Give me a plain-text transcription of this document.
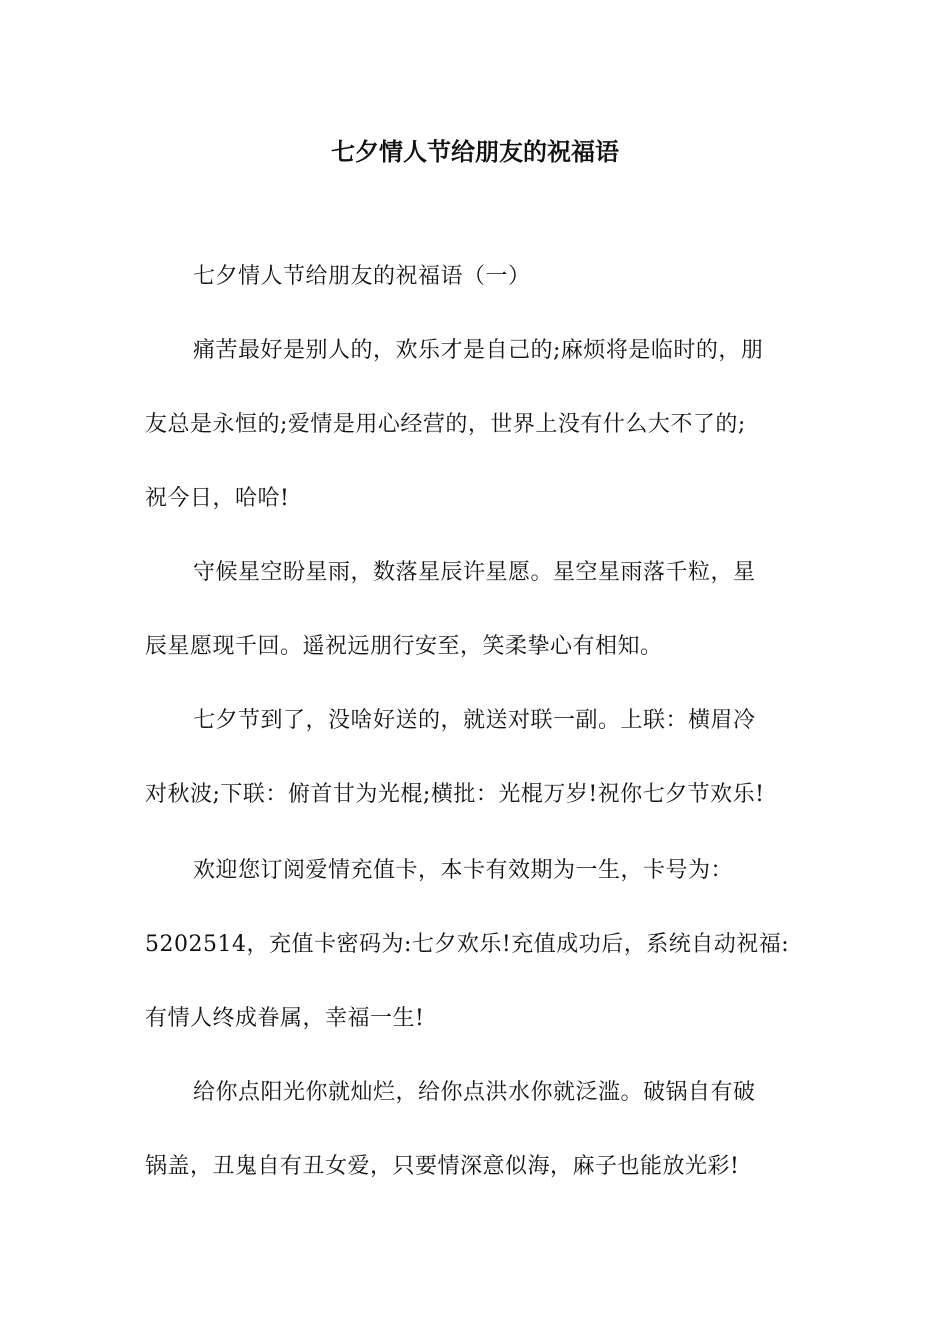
七夕情人节给朋友的祝福语
七夕情人节给朋友的祝福语（一）
痛苦最好是别人的，欢乐才是自己的;麻烦将是临时的，朋
友总是永恒的;爱情是用心经营的，世界上没有什么大不了的;
祝今日，哈哈!
守候星空盼星雨，数落星辰许星愿。星空星雨落千粒，星
辰星愿现千回。遥祝远朋行安至，笑柔挚心有相知。
七夕节到了，没啥好送的，就送对联一副。上联：横眉冷
对秋波;下联：俯首甘为光棍;横批：光棍万岁!祝你七夕节欢乐!
欢迎您订阅爱情充值卡，本卡有效期为一生，卡号为：
5202514，充值卡密码为:七夕欢乐!充值成功后，系统自动祝福:
有情人终成眷属，幸福一生!
给你点阳光你就灿烂，给你点洪水你就泛滥。破锅自有破
锅盖，丑鬼自有丑女爱，只要情深意似海，麻子也能放光彩!
